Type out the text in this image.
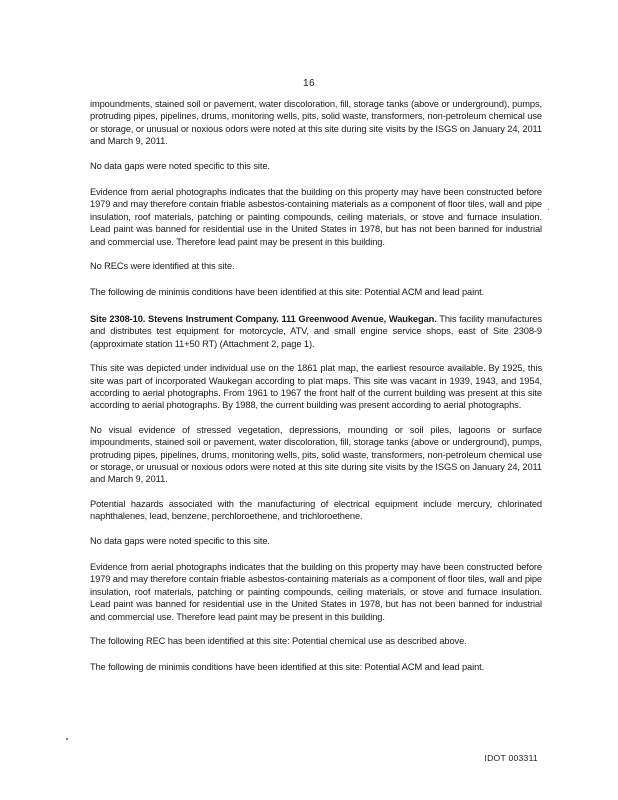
16

impoundments, stained soil or pavement, water discoloration, fill, storage tanks (above or underground), pumps, protruding pipes, pipelines, drums, monitoring wells, pits, solid waste, transformers, non-petroleum chemical use or storage, or unusual or noxious odors were noted at this site during site visits by the ISGS on January 24, 2011 and March 9, 2011.

No data gaps were noted specific to this site.

Evidence from aerial photographs indicates that the building on this property may have been constructed before 1979 and may therefore contain friable asbestos-containing materials as a component of floor tiles, wall and pipe insulation, roof materials, patching or painting compounds, ceiling materials, or stove and furnace insulation. Lead paint was banned for residential use in the United States in 1978, but has not been banned for industrial and commercial use. Therefore lead paint may be present in this building.

No RECs were identified at this site.

The following de minimis conditions have been identified at this site: Potential ACM and lead paint.

Site 2308-10. Stevens Instrument Company. 111 Greenwood Avenue, Waukegan. This facility manufactures and distributes test equipment for motorcycle, ATV, and small engine service shops, east of Site 2308-9 (approximate station 11+50 RT) (Attachment 2, page 1).

This site was depicted under individual use on the 1861 plat map, the earliest resource available. By 1925, this site was part of incorporated Waukegan according to plat maps. This site was vacant in 1939, 1943, and 1954, according to aerial photographs. From 1961 to 1967 the front half of the current building was present at this site according to aerial photographs. By 1988, the current building was present according to aerial photographs.

No visual evidence of stressed vegetation, depressions, mounding or soil piles, lagoons or surface impoundments, stained soil or pavement, water discoloration, fill, storage tanks (above or underground), pumps, protruding pipes, pipelines, drums, monitoring wells, pits, solid waste, transformers, non-petroleum chemical use or storage, or unusual or noxious odors were noted at this site during site visits by the ISGS on January 24, 2011 and March 9, 2011.

Potential hazards associated with the manufacturing of electrical equipment include mercury, chlorinated naphthalenes, lead, benzene, perchloroethene, and trichloroethene.

No data gaps were noted specific to this site.

Evidence from aerial photographs indicates that the building on this property may have been constructed before 1979 and may therefore contain friable asbestos-containing materials as a component of floor tiles, wall and pipe insulation, roof materials, patching or painting compounds, ceiling materials, or stove and furnace insulation. Lead paint was banned for residential use in the United States in 1978, but has not been banned for industrial and commercial use. Therefore lead paint may be present in this building.

The following REC has been identified at this site: Potential chemical use as described above.

The following de minimis conditions have been identified at this site: Potential ACM and lead paint.

IDOT 003311
